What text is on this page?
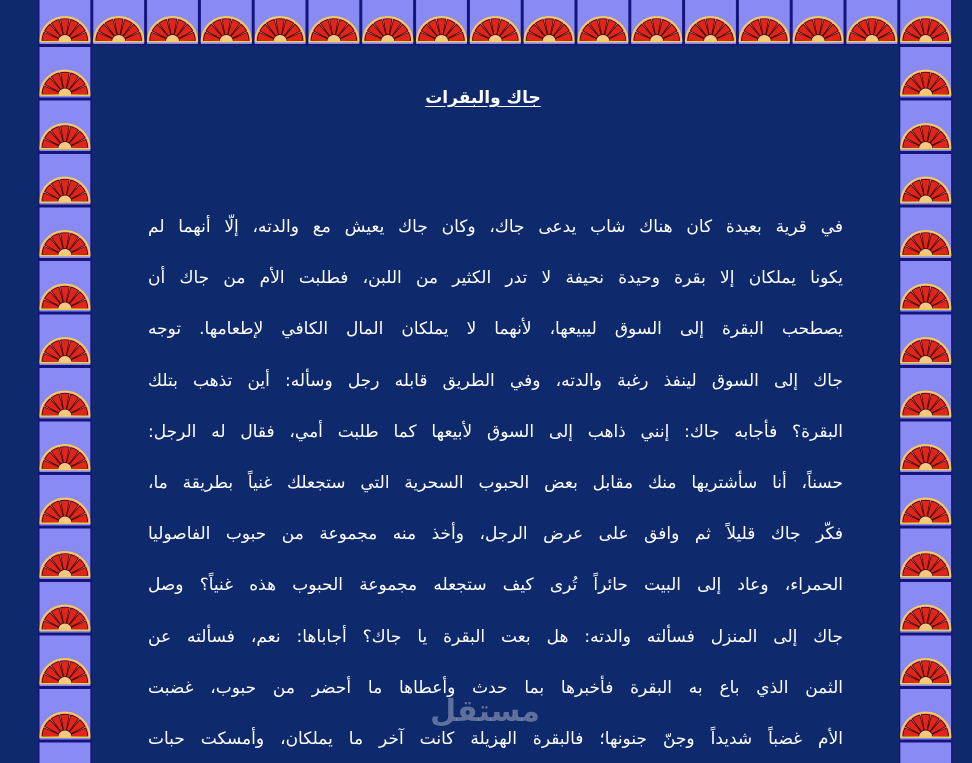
جاك والبقرات
في قرية بعيدة كان هناك شاب يدعى جاك، وكان جاك يعيش مع والدته، إلّا أنهما لم
يكونا يملكان إلا بقرة وحيدة نحيفة لا تدر الكثير من اللبن، فطلبت الأم من جاك أن
يصطحب البقرة إلى السوق ليبيعها، لأنهما لا يملكان المال الكافي لإطعامها. توجه
جاك إلى السوق لينفذ رغبة والدته، وفي الطريق قابله رجل وسأله: أين تذهب بتلك
البقرة؟ فأجابه جاك: إنني ذاهب إلى السوق لأبيعها كما طلبت أمي، فقال له الرجل:
حسناً، أنا سأشتريها منك مقابل بعض الحبوب السحرية التي ستجعلك غنياً بطريقة ما،
فكّر جاك قليلاً ثم وافق على عرض الرجل، وأخذ منه مجموعة من حبوب الفاصوليا
الحمراء، وعاد إلى البيت حائراً تُرى كيف ستجعله مجموعة الحبوب هذه غنياً؟ وصل
جاك إلى المنزل فسألته والدته: هل بعت البقرة يا جاك؟ أجاباها: نعم، فسألته عن
الثمن الذي باع به البقرة فأخبرها بما حدث وأعطاها ما أحضر من حبوب، غضبت
الأم غضباً شديداً وجنّ جنونها؛ فالبقرة الهزيلة كانت آخر ما يملكان، وأمسكت حبات
مستقل
